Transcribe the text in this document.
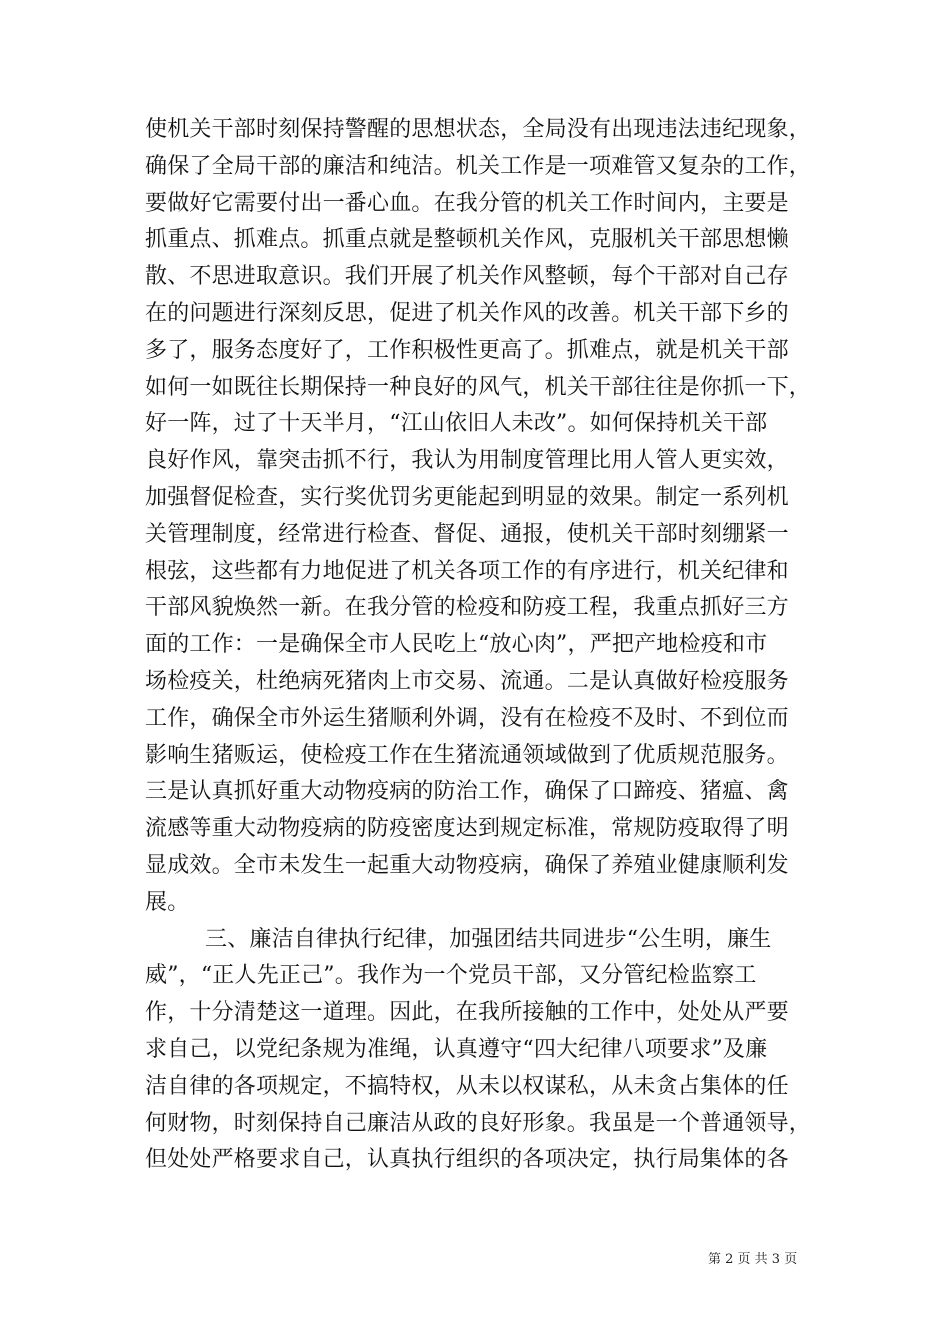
使机关干部时刻保持警醒的思想状态，全局没有出现违法违纪现象，
确保了全局干部的廉洁和纯洁。机关工作是一项难管又复杂的工作，
要做好它需要付出一番心血。在我分管的机关工作时间内，主要是
抓重点、抓难点。抓重点就是整顿机关作风，克服机关干部思想懒
散、不思进取意识。我们开展了机关作风整顿，每个干部对自己存
在的问题进行深刻反思，促进了机关作风的改善。机关干部下乡的
多了，服务态度好了，工作积极性更高了。抓难点，就是机关干部
如何一如既往长期保持一种良好的风气，机关干部往往是你抓一下，
好一阵，过了十天半月，“江山依旧人未改”。如何保持机关干部
良好作风，靠突击抓不行，我认为用制度管理比用人管人更实效，
加强督促检查，实行奖优罚劣更能起到明显的效果。制定一系列机
关管理制度，经常进行检查、督促、通报，使机关干部时刻绷紧一
根弦，这些都有力地促进了机关各项工作的有序进行，机关纪律和
干部风貌焕然一新。在我分管的检疫和防疫工程，我重点抓好三方
面的工作：一是确保全市人民吃上“放心肉”，严把产地检疫和市
场检疫关，杜绝病死猪肉上市交易、流通。二是认真做好检疫服务
工作，确保全市外运生猪顺利外调，没有在检疫不及时、不到位而
影响生猪贩运，使检疫工作在生猪流通领域做到了优质规范服务。
三是认真抓好重大动物疫病的防治工作，确保了口蹄疫、猪瘟、禽
流感等重大动物疫病的防疫密度达到规定标准，常规防疫取得了明
显成效。全市未发生一起重大动物疫病，确保了养殖业健康顺利发
展。
三、廉洁自律执行纪律，加强团结共同进步“公生明，廉生
威”，“正人先正己”。我作为一个党员干部，又分管纪检监察工
作，十分清楚这一道理。因此，在我所接触的工作中，处处从严要
求自己，以党纪条规为准绳，认真遵守“四大纪律八项要求”及廉
洁自律的各项规定，不搞特权，从未以权谋私，从未贪占集体的任
何财物，时刻保持自己廉洁从政的良好形象。我虽是一个普通领导，
但处处严格要求自己，认真执行组织的各项决定，执行局集体的各
第 2 页 共 3 页
